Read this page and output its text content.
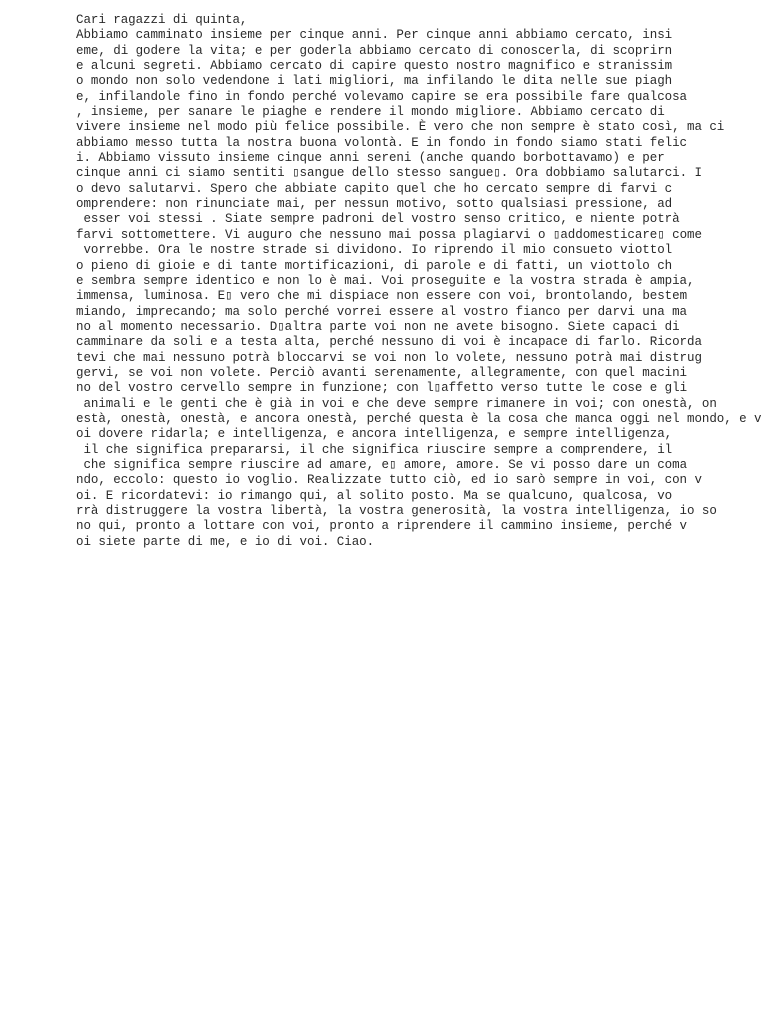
Cari ragazzi di quinta,
Abbiamo camminato insieme per cinque anni. Per cinque anni abbiamo cercato, insi
eme, di godere la vita; e per goderla abbiamo cercato di conoscerla, di scoprirn
e alcuni segreti. Abbiamo cercato di capire questo nostro magnifico e stranissim
o mondo non solo vedendone i lati migliori, ma infilando le dita nelle sue piagh
e, infilandole fino in fondo perché volevamo capire se era possibile fare qualcosa
, insieme, per sanare le piaghe e rendere il mondo migliore. Abbiamo cercato di
vivere insieme nel modo più felice possibile. È vero che non sempre è stato così, ma ci
abbiamo messo tutta la nostra buona volontà. E in fondo in fondo siamo stati felic
i. Abbiamo vissuto insieme cinque anni sereni (anche quando borbottavamo) e per
cinque anni ci siamo sentiti ▯sangue dello stesso sangue▯. Ora dobbiamo salutarci. I
o devo salutarvi. Spero che abbiate capito quel che ho cercato sempre di farvi c
omprendere: non rinunciate mai, per nessun motivo, sotto qualsiasi pressione, ad
esser voi stessi . Siate sempre padroni del vostro senso critico, e niente potrà
farvi sottomettere. Vi auguro che nessuno mai possa plagiarvi o ▯addomesticare▯ come
vorrebbe. Ora le nostre strade si dividono. Io riprendo il mio consueto viottol
o pieno di gioie e di tante mortificazioni, di parole e di fatti, un viottolo ch
e sembra sempre identico e non lo è mai. Voi proseguite e la vostra strada è ampia,
immensa, luminosa. E▯ vero che mi dispiace non essere con voi, brontolando, bestem
miando, imprecando; ma solo perché vorrei essere al vostro fianco per darvi una ma
no al momento necessario. D▯altra parte voi non ne avete bisogno. Siete capaci di
camminare da soli e a testa alta, perché nessuno di voi è incapace di farlo. Ricorda
tevi che mai nessuno potrà bloccarvi se voi non lo volete, nessuno potrà mai distrug
gervi, se voi non volete. Perciò avanti serenamente, allegramente, con quel macini
no del vostro cervello sempre in funzione; con l▯affetto verso tutte le cose e gli
animali e le genti che è già in voi e che deve sempre rimanere in voi; con onestà, on
està, onestà, onestà, e ancora onestà, perché questa è la cosa che manca oggi nel mondo, e v
oi dovere ridarla; e intelligenza, e ancora intelligenza, e sempre intelligenza,
il che significa prepararsi, il che significa riuscire sempre a comprendere, il
che significa sempre riuscire ad amare, e▯ amore, amore. Se vi posso dare un coma
ndo, eccolo: questo io voglio. Realizzate tutto ciò, ed io sarò sempre in voi, con v
oi. E ricordatevi: io rimango qui, al solito posto. Ma se qualcuno, qualcosa, vo
rrà distruggere la vostra libertà, la vostra generosità, la vostra intelligenza, io so
no qui, pronto a lottare con voi, pronto a riprendere il cammino insieme, perché v
oi siete parte di me, e io di voi. Ciao.
